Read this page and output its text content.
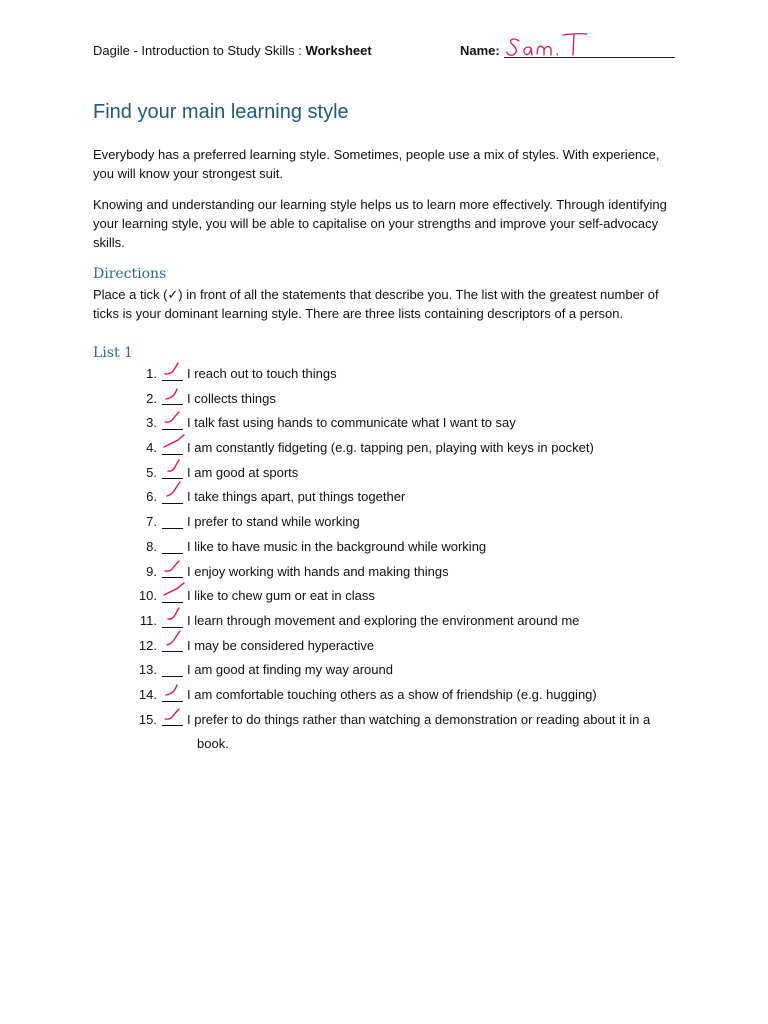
Dagile - Introduction to Study Skills : Worksheet	Name:
Find your main learning style

Everybody has a preferred learning style. Sometimes, people use a mix of styles. With experience, you will know your strongest suit.

Knowing and understanding our learning style helps us to learn more effectively. Through identifying your learning style, you will be able to capitalise on your strengths and improve your self-advocacy skills.

Directions

Place a tick (✓) in front of all the statements that describe you. The list with the greatest number of ticks is your dominant learning style. There are three lists containing descriptors of a person.

List 1
1. I reach out to touch things
2. I collects things
3. I talk fast using hands to communicate what I want to say
4. I am constantly fidgeting (e.g. tapping pen, playing with keys in pocket)
5. I am good at sports
6. I take things apart, put things together
7. I prefer to stand while working
8. I like to have music in the background while working
9. I enjoy working with hands and making things
10. I like to chew gum or eat in class
11. I learn through movement and exploring the environment around me
12. I may be considered hyperactive
13. I am good at finding my way around
14. I am comfortable touching others as a show of friendship (e.g. hugging)
15. I prefer to do things rather than watching a demonstration or reading about it in a
book.
